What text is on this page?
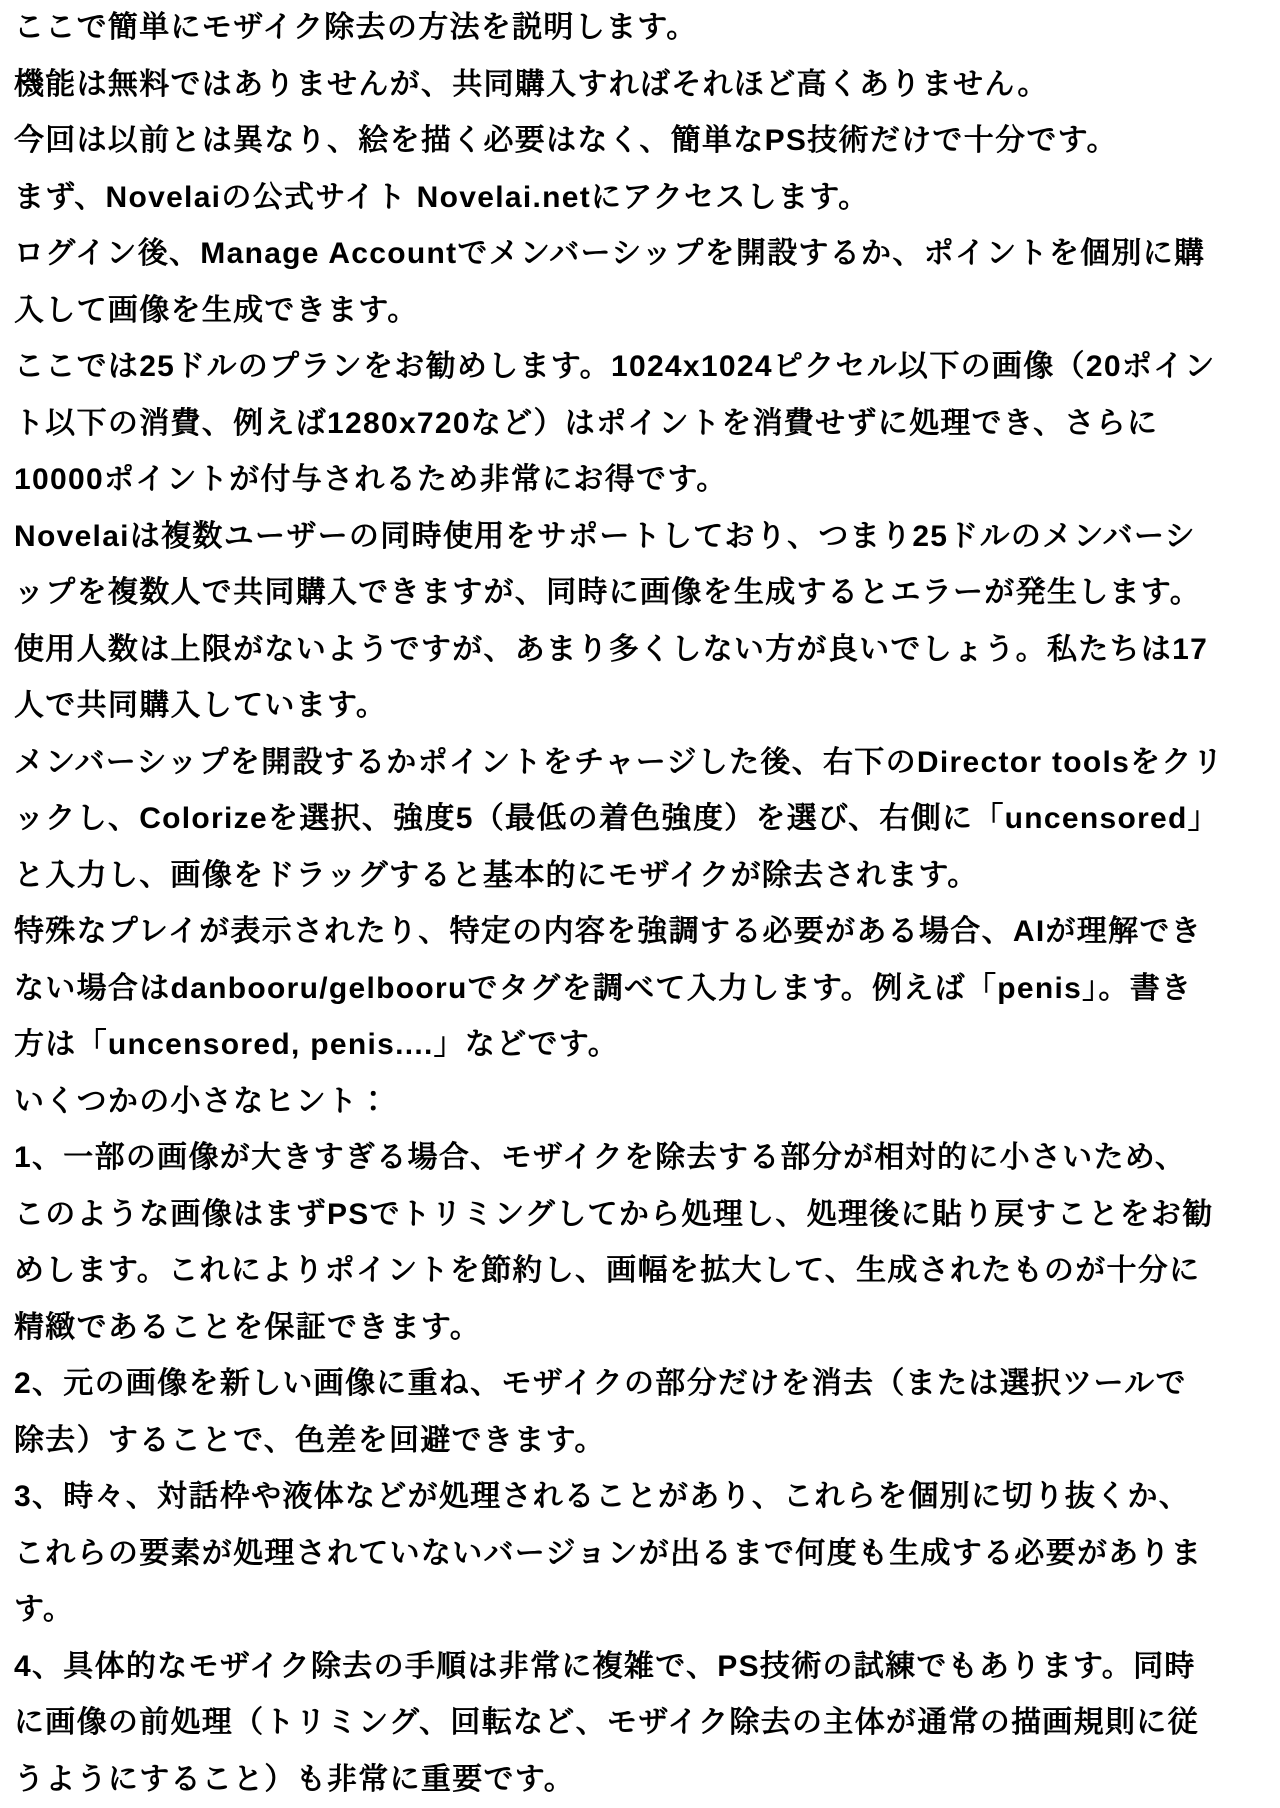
ここで簡単にモザイク除去の方法を説明します。
機能は無料ではありませんが、共同購入すればそれほど高くありません。
今回は以前とは異なり、絵を描く必要はなく、簡単なPS技術だけで十分です。
まず、Novelaiの公式サイト Novelai.netにアクセスします。
ログイン後、Manage Accountでメンバーシップを開設するか、ポイントを個別に購
入して画像を生成できます。
ここでは25ドルのプランをお勧めします。1024x1024ピクセル以下の画像（20ポイン
ト以下の消費、例えば1280x720など）はポイントを消費せずに処理でき、さらに
10000ポイントが付与されるため非常にお得です。
Novelaiは複数ユーザーの同時使用をサポートしており、つまり25ドルのメンバーシ
ップを複数人で共同購入できますが、同時に画像を生成するとエラーが発生します。
使用人数は上限がないようですが、あまり多くしない方が良いでしょう。私たちは17
人で共同購入しています。
メンバーシップを開設するかポイントをチャージした後、右下のDirector toolsをクリ
ックし、Colorizeを選択、強度5（最低の着色強度）を選び、右側に「uncensored」
と入力し、画像をドラッグすると基本的にモザイクが除去されます。
特殊なプレイが表示されたり、特定の内容を強調する必要がある場合、AIが理解でき
ない場合はdanbooru/gelbooruでタグを調べて入力します。例えば「penis」。書き
方は「uncensored, penis....」などです。
いくつかの小さなヒント：
1、一部の画像が大きすぎる場合、モザイクを除去する部分が相対的に小さいため、
このような画像はまずPSでトリミングしてから処理し、処理後に貼り戻すことをお勧
めします。これによりポイントを節約し、画幅を拡大して、生成されたものが十分に
精緻であることを保証できます。
2、元の画像を新しい画像に重ね、モザイクの部分だけを消去（または選択ツールで
除去）することで、色差を回避できます。
3、時々、対話枠や液体などが処理されることがあり、これらを個別に切り抜くか、
これらの要素が処理されていないバージョンが出るまで何度も生成する必要がありま
す。
4、具体的なモザイク除去の手順は非常に複雑で、PS技術の試練でもあります。同時
に画像の前処理（トリミング、回転など、モザイク除去の主体が通常の描画規則に従
うようにすること）も非常に重要です。
